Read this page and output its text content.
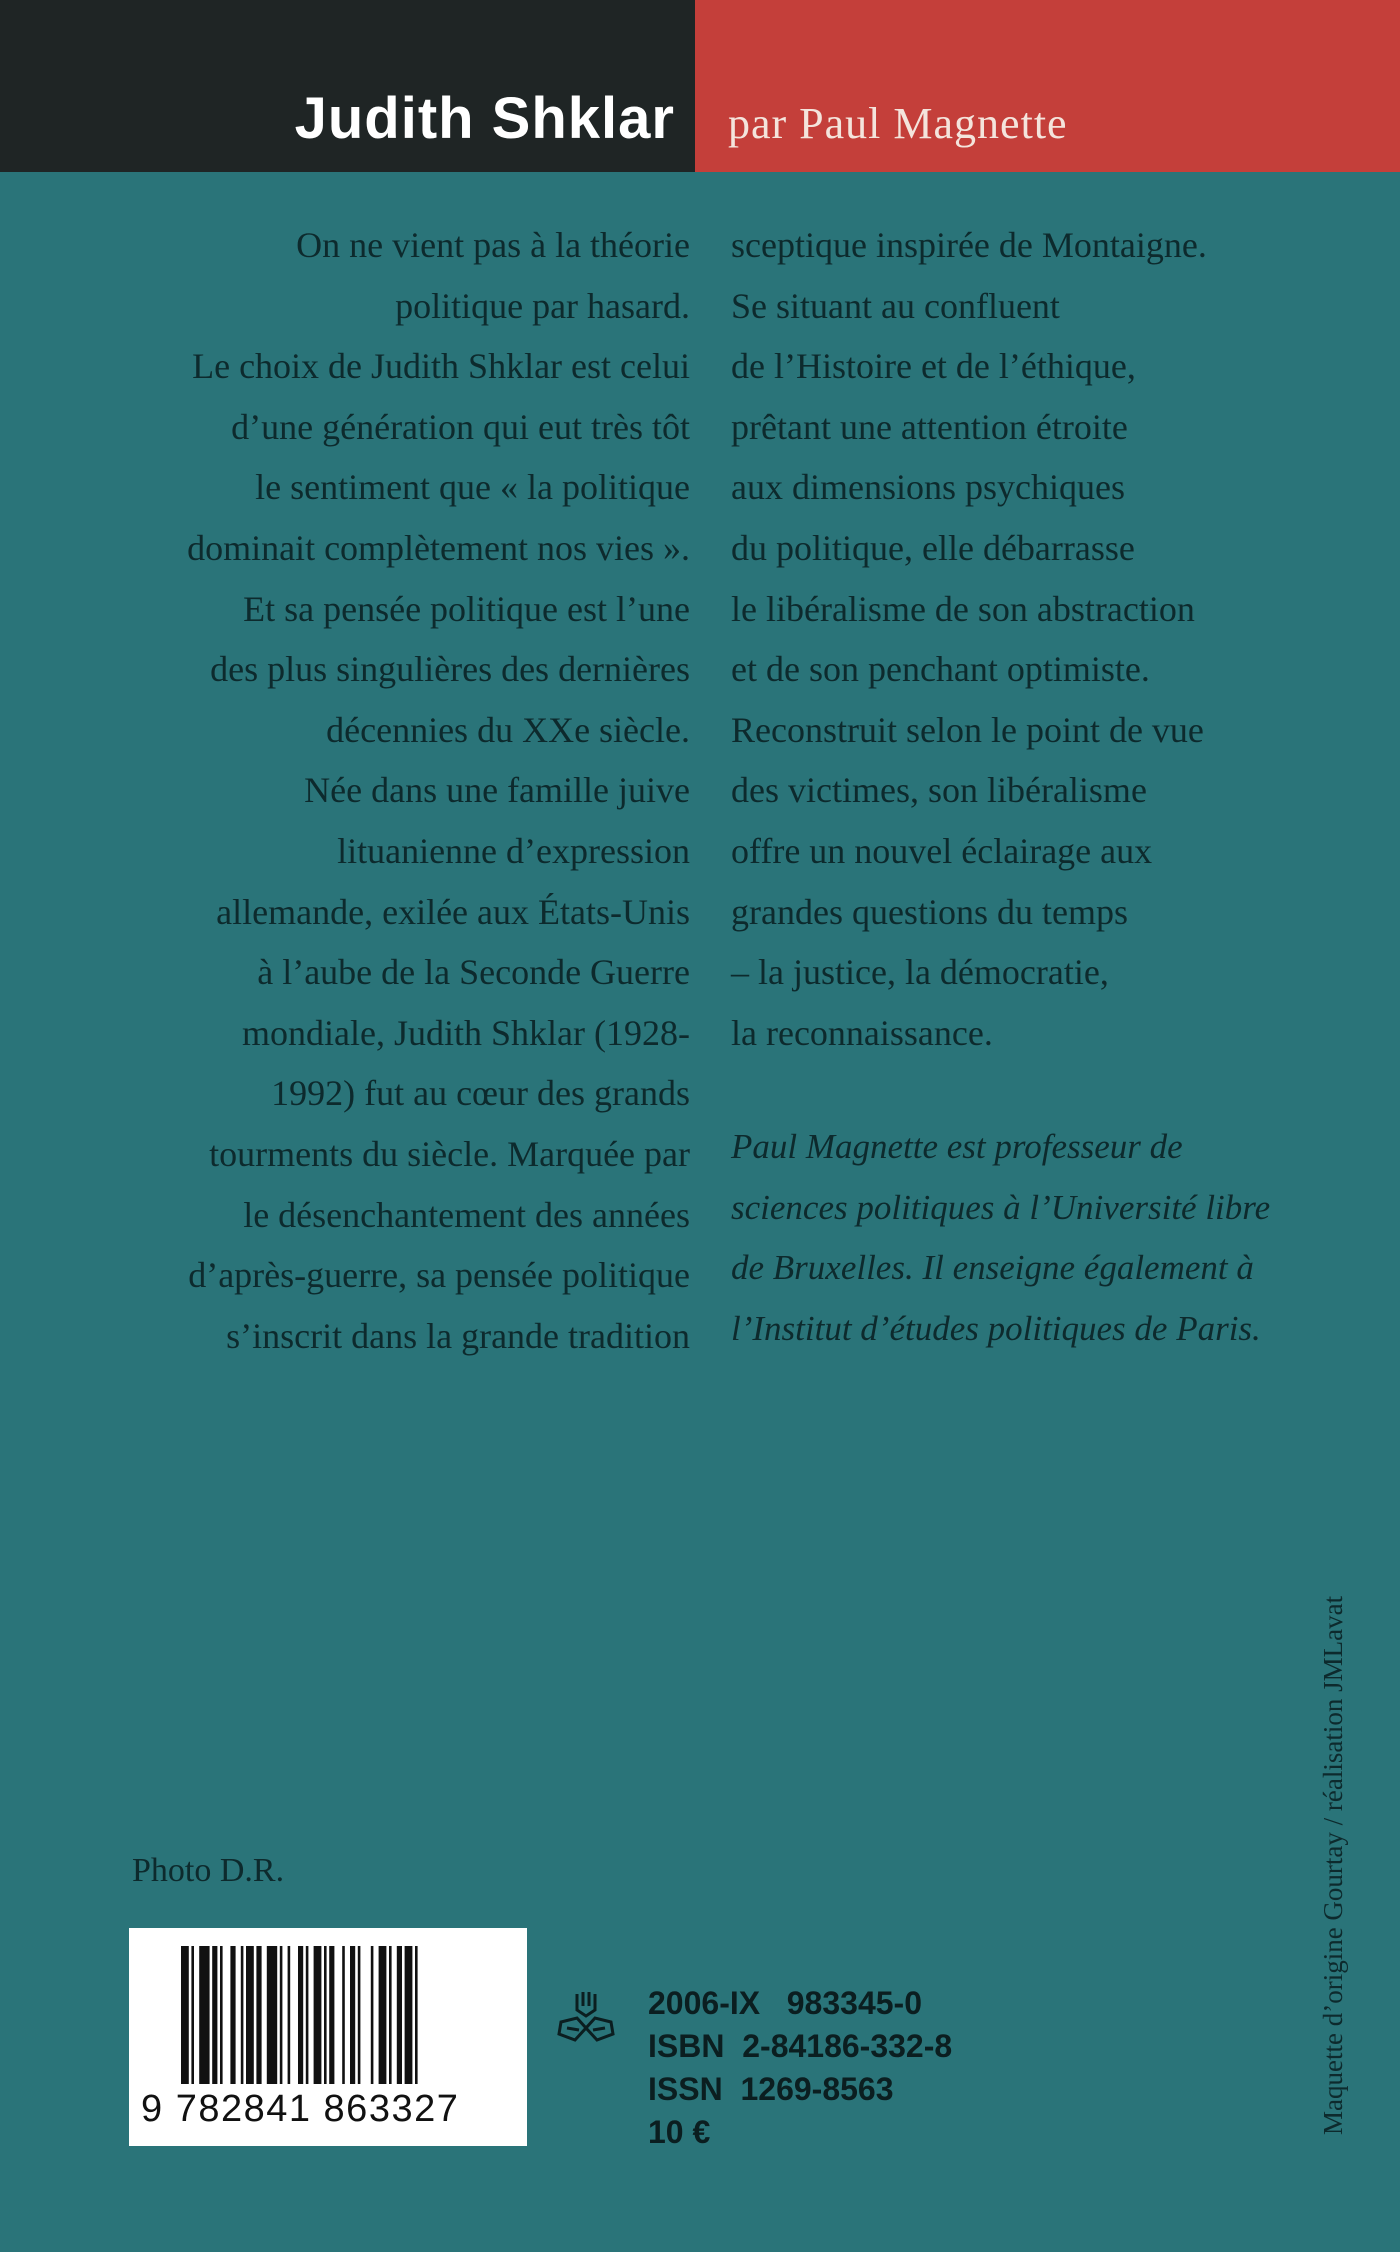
Judith Shklar par Paul Magnette
On ne vient pas à la théorie
politique par hasard.
Le choix de Judith Shklar est celui
d’une génération qui eut très tôt
le sentiment que « la politique
dominait complètement nos vies ».
Et sa pensée politique est l’une
des plus singulières des dernières
décennies du XXe siècle.
Née dans une famille juive
lituanienne d’expression
allemande, exilée aux États-Unis
à l’aube de la Seconde Guerre
mondiale, Judith Shklar (1928-
1992) fut au cœur des grands
tourments du siècle. Marquée par
le désenchantement des années
d’après-guerre, sa pensée politique
s’inscrit dans la grande tradition
sceptique inspirée de Montaigne.
Se situant au confluent
de l’Histoire et de l’éthique,
prêtant une attention étroite
aux dimensions psychiques
du politique, elle débarrasse
le libéralisme de son abstraction
et de son penchant optimiste.
Reconstruit selon le point de vue
des victimes, son libéralisme
offre un nouvel éclairage aux
grandes questions du temps
– la justice, la démocratie,
la reconnaissance.
Paul Magnette est professeur de
sciences politiques à l’Université libre
de Bruxelles. Il enseigne également à
l’Institut d’études politiques de Paris.
Photo D.R.
9 782841 863327
2006-IX   983345-0
ISBN  2-84186-332-8
ISSN  1269-8563
10 €	Maquette d’origine Gourtay / réalisation JMLavat
